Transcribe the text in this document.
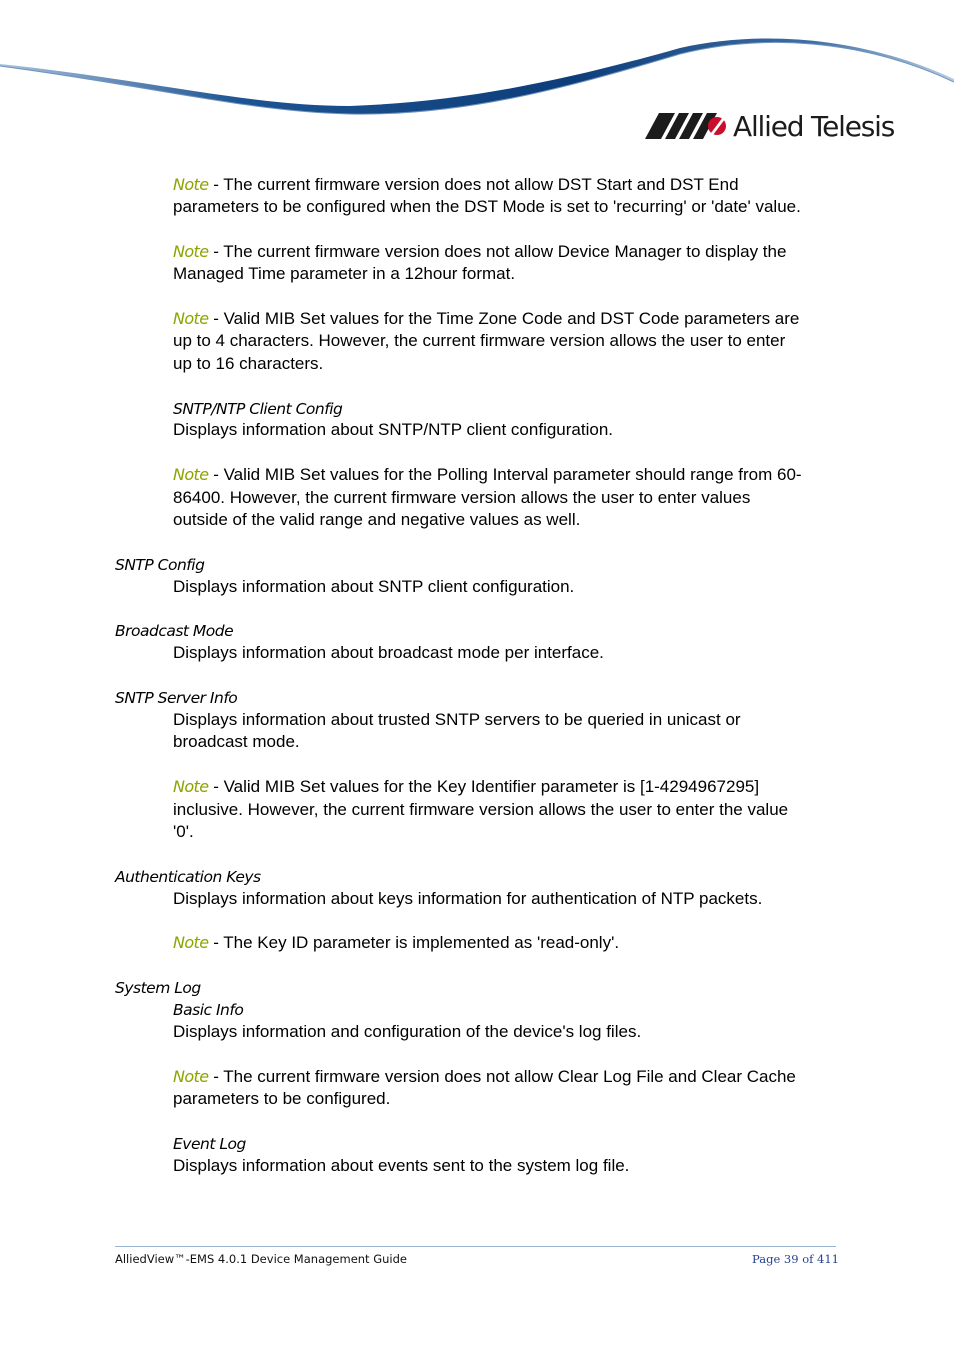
Allied Telesis
Note - The current firmware version does not allow DST Start and DST End
parameters to be configured when the DST Mode is set to 'recurring' or 'date' value.
Note - The current firmware version does not allow Device Manager to display the
Managed Time parameter in a 12hour format.
Note - Valid MIB Set values for the Time Zone Code and DST Code parameters are
up to 4 characters. However, the current firmware version allows the user to enter
up to 16 characters.
SNTP/NTP Client Config
Displays information about SNTP/NTP client configuration.
Note - Valid MIB Set values for the Polling Interval parameter should range from 60-
86400. However, the current firmware version allows the user to enter values
outside of the valid range and negative values as well.
SNTP Config
Displays information about SNTP client configuration.
Broadcast Mode
Displays information about broadcast mode per interface.
SNTP Server Info
Displays information about trusted SNTP servers to be queried in unicast or
broadcast mode.
Note - Valid MIB Set values for the Key Identifier parameter is [1-4294967295]
inclusive. However, the current firmware version allows the user to enter the value
'0'.
Authentication Keys
Displays information about keys information for authentication of NTP packets.
Note - The Key ID parameter is implemented as 'read-only'.
System Log
Basic Info
Displays information and configuration of the device's log files.
Note - The current firmware version does not allow Clear Log File and Clear Cache
parameters to be configured.
Event Log
Displays information about events sent to the system log file.
AlliedView™-EMS 4.0.1 Device Management Guide	Page 39 of 411
